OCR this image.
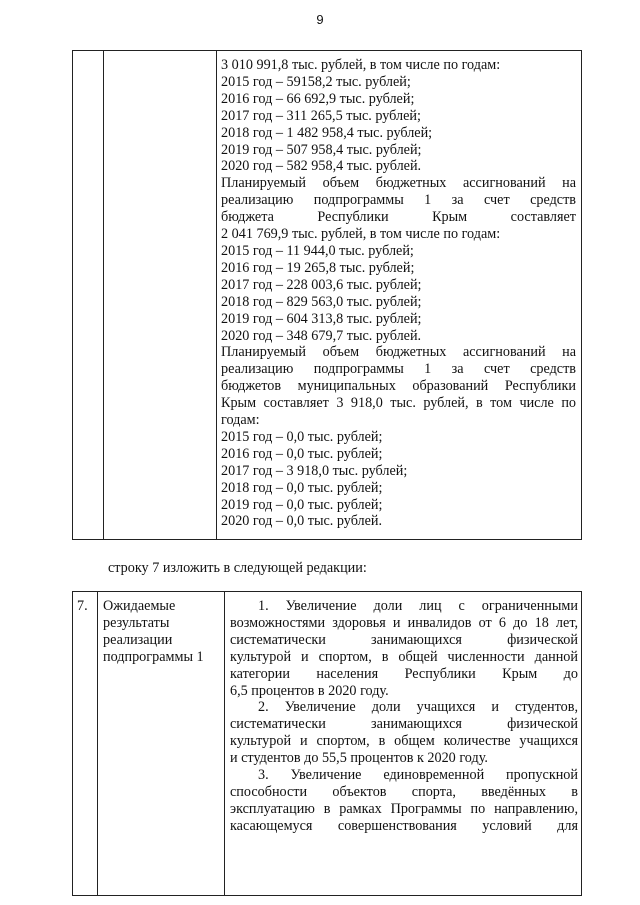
9
3 010 991,8 тыс. рублей, в том числе по годам:
2015 год – 59158,2 тыс. рублей;
2016 год – 66 692,9 тыс. рублей;
2017 год – 311 265,5 тыс. рублей;
2018 год – 1 482 958,4 тыс. рублей;
2019 год – 507 958,4 тыс. рублей;
2020 год – 582 958,4 тыс. рублей.
Планируемый объем бюджетных ассигнований на
реализацию подпрограммы 1 за счет средств
бюджета Республики Крым составляет
2 041 769,9 тыс. рублей, в том числе по годам:
2015 год – 11 944,0 тыс. рублей;
2016 год – 19 265,8 тыс. рублей;
2017 год – 228 003,6 тыс. рублей;
2018 год – 829 563,0 тыс. рублей;
2019 год – 604 313,8 тыс. рублей;
2020 год – 348 679,7 тыс. рублей.
Планируемый объем бюджетных ассигнований на
реализацию подпрограммы 1 за счет средств
бюджетов муниципальных образований Республики
Крым составляет 3 918,0 тыс. рублей, в том числе по
годам:
2015 год – 0,0 тыс. рублей;
2016 год – 0,0 тыс. рублей;
2017 год – 3 918,0 тыс. рублей;
2018 год – 0,0 тыс. рублей;
2019 год – 0,0 тыс. рублей;
2020 год – 0,0 тыс. рублей.
строку 7 изложить в следующей редакции:
7. Ожидаемые
результаты
реализации
подпрограммы 1
1. Увеличение доли лиц с ограниченными
возможностями здоровья и инвалидов от 6 до 18 лет,
систематически занимающихся физической
культурой и спортом, в общей численности данной
категории населения Республики Крым до
6,5 процентов в 2020 году.
2. Увеличение доли учащихся и студентов,
систематически занимающихся физической
культурой и спортом, в общем количестве учащихся
и студентов до 55,5 процентов к 2020 году.
3. Увеличение единовременной пропускной
способности объектов спорта, введённых в
эксплуатацию в рамках Программы по направлению,
касающемуся совершенствования условий для
